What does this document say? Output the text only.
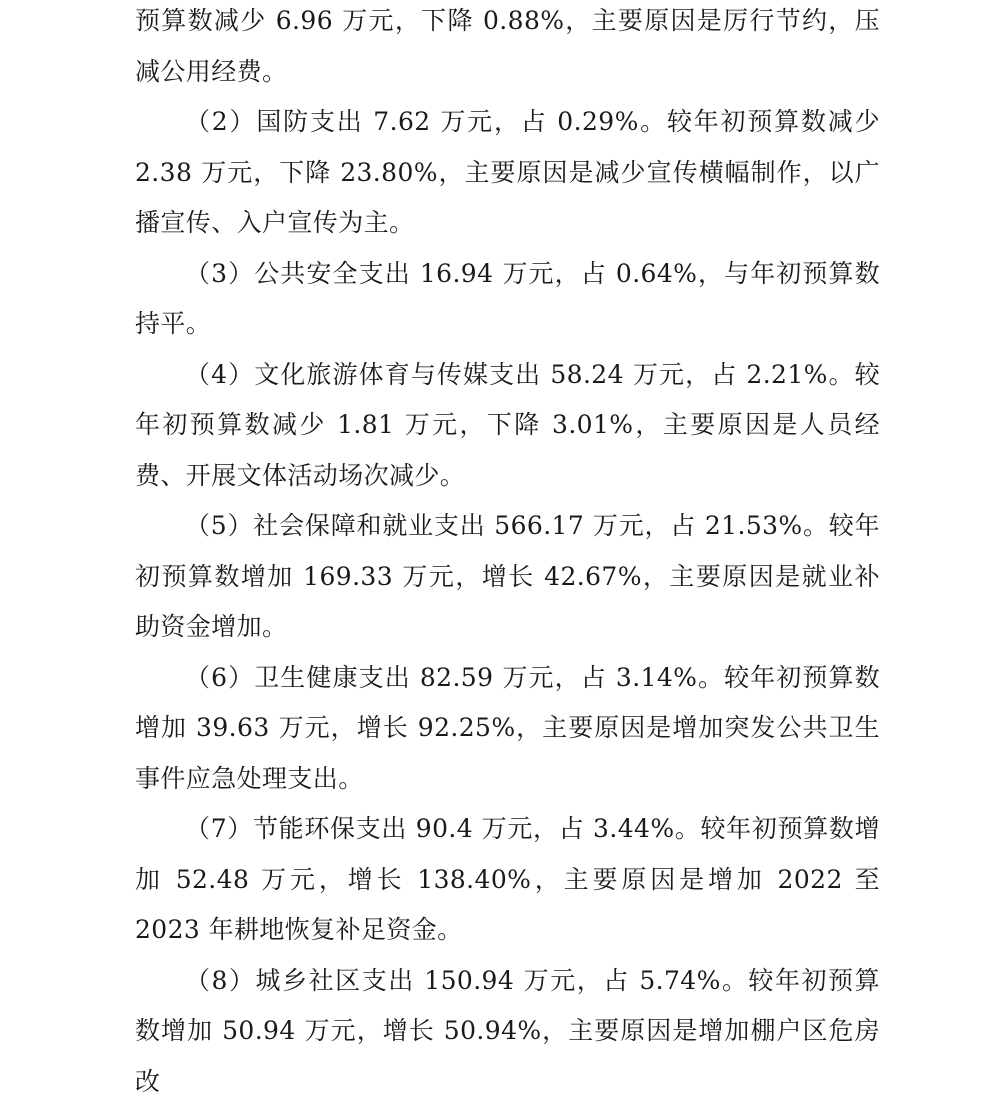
预算数减少 6.96 万元，下降 0.88%，主要原因是厉行节约，压减公用经费。

（2）国防支出 7.62 万元，占 0.29%。较年初预算数减少 2.38 万元，下降 23.80%，主要原因是减少宣传横幅制作，以广播宣传、入户宣传为主。

（3）公共安全支出 16.94 万元，占 0.64%，与年初预算数持平。

（4）文化旅游体育与传媒支出 58.24 万元，占 2.21%。较年初预算数减少 1.81 万元，下降 3.01%，主要原因是人员经费、开展文体活动场次减少。

（5）社会保障和就业支出 566.17 万元，占 21.53%。较年初预算数增加 169.33 万元，增长 42.67%，主要原因是就业补助资金增加。

（6）卫生健康支出 82.59 万元，占 3.14%。较年初预算数增加 39.63 万元，增长 92.25%，主要原因是增加突发公共卫生事件应急处理支出。

（7）节能环保支出 90.4 万元，占 3.44%。较年初预算数增加 52.48 万元，增长 138.40%，主要原因是增加 2022 至 2023 年耕地恢复补足资金。

（8）城乡社区支出 150.94 万元，占 5.74%。较年初预算数增加 50.94 万元，增长 50.94%，主要原因是增加棚户区危房改
